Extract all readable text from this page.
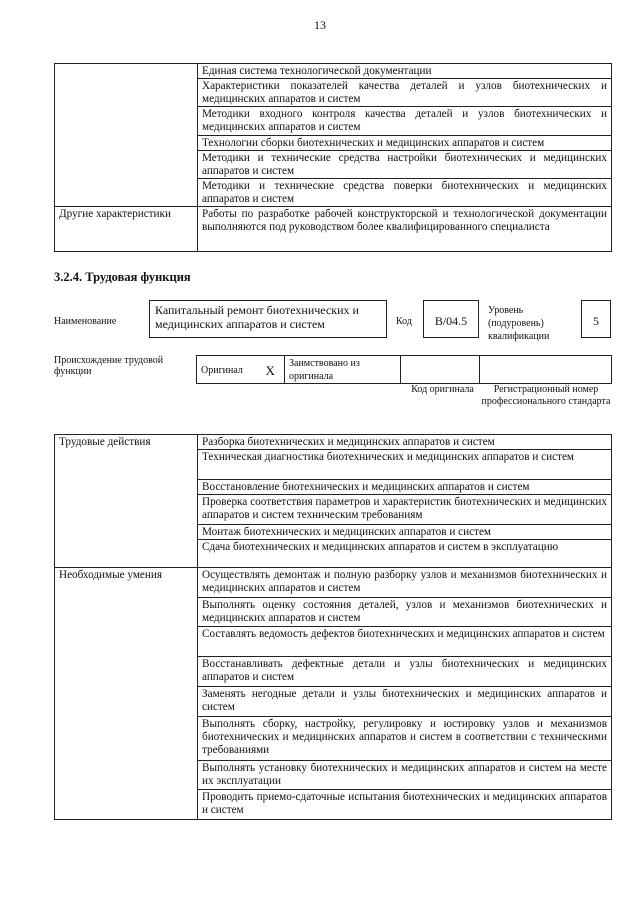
13
	Единая система технологической документации
	Характеристики показателей качества деталей и узлов биотехнических и медицинских аппаратов и систем
	Методики входного контроля качества деталей и узлов биотехнических и медицинских аппаратов и систем
	Технологии сборки биотехнических и медицинских аппаратов и систем
	Методики и технические средства настройки биотехнических и медицинских аппаратов и систем
	Методики и технические средства поверки биотехнических и медицинских аппаратов и систем
Другие характеристики	Работы по разработке рабочей конструкторской и технологической документации выполняются под руководством более квалифицированного специалиста
3.2.4. Трудовая функция
Наименование
Капитальный ремонт биотехнических и медицинских аппаратов и систем	Код	B/04.5
Уровень (подуровень) квалификации
5
Происхождение трудовой функции	Оригинал	X	Заимствовано из оригинала		
Код оригинала	Регистрационный номер профессионального стандарта
Трудовые действия	Разборка биотехнических и медицинских аппаратов и систем
	Техническая диагностика биотехнических и медицинских аппаратов и систем
	Восстановление биотехнических и медицинских аппаратов и систем
	Проверка соответствия параметров и характеристик биотехнических и медицинских аппаратов и систем техническим требованиям
	Монтаж биотехнических и медицинских аппаратов и систем
	Сдача биотехнических и медицинских аппаратов и систем в эксплуатацию
Необходимые умения	Осуществлять демонтаж и полную разборку узлов и механизмов биотехнических и медицинских аппаратов и систем
	Выполнять оценку состояния деталей, узлов и механизмов биотехнических и медицинских аппаратов и систем
	Составлять ведомость дефектов биотехнических и медицинских аппаратов и систем
	Восстанавливать дефектные детали и узлы биотехнических и медицинских аппаратов и систем
	Заменять негодные детали и узлы биотехнических и медицинских аппаратов и систем
	Выполнять сборку, настройку, регулировку и юстировку узлов и механизмов биотехнических и медицинских аппаратов и систем в соответствии с техническими требованиями
	Выполнять установку биотехнических и медицинских аппаратов и систем на месте их эксплуатации
	Проводить приемо-сдаточные испытания биотехнических и медицинских аппаратов и систем
